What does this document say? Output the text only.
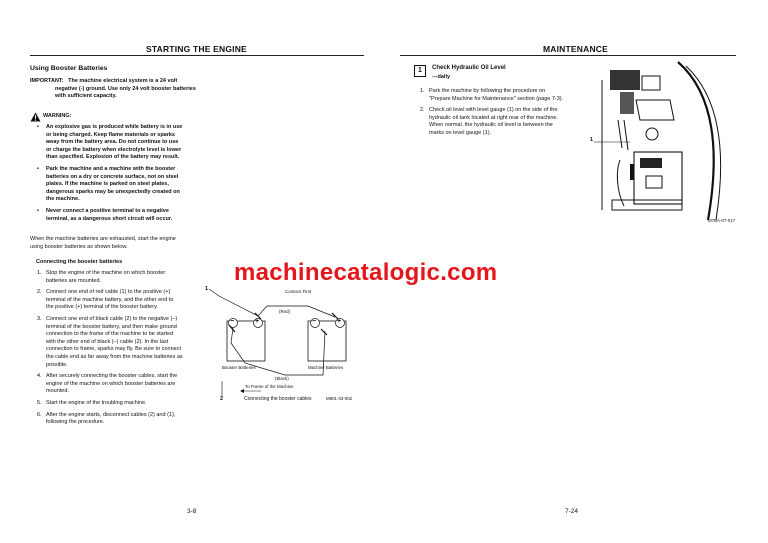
STARTING THE ENGINE
Using Booster Batteries
IMPORTANT: The machine electrical system is a 24 volt
negative (-) ground. Use only 24 volt booster batteries
with sufficient capacity.
WARNING:
• An explosive gas is produced while battery is in use
or being charged. Keep flame materials or sparks
away from the battery area. Do not continue to use
or charge the battery when electrolyte level is lower
than specified. Explosion of the battery may result.
• Park the machine and a machine with the booster
batteries on a dry or concrete surface, not on steel
plates. If the machine is parked on steel plates,
dangerous sparks may be unexpectedly created on
the machine.
• Never connect a positive terminal to a negative
terminal, as a dangerous short circuit will occur.
When the machine batteries are exhausted, start the engine
using booster batteries as shown below.
Connecting the booster batteries
1. Stop the engine of the machine on which booster
batteries are mounted.
2. Connect one end of red cable (1) to the positive (+)
terminal of the machine battery, and the other end to
the positive (+) terminal of the booster battery.
3. Connect one end of black cable (2) to the negative (–)
terminal of the booster battery, and then make ground
connection to the frame of the machine to be started
with the other end of black (–) cable (2). In the last
connection to frame, sparks may fly. Be sure to connect
the cable end as far away from the machine batteries as
possible.
4. After securely connecting the booster cables, start the
engine of the machine on which booster batteries are
mounted.
5. Start the engine of the troubling machine.
6. After the engine starts, disconnect cables (2) and (1),
following the procedure.
3-8
1	Connect First
(Red)
−	+	−	+
Booster Batteries	Machine Batteries
(Black)
To Frame of the Machine
2	Connecting the booster cables	M801-03-002
machinecatalogic.com
MAINTENANCE
1	Check Hydraulic Oil Level
---daily
1. Park the machine by following the procedure on
"Prepare Machine for Maintenance" section (page 7-3).
2. Check oil level with level gauge (1) on the side of the
hydraulic oil tank located at right rear of the machine.
When normal, the hydraulic oil level is between the
marks on level gauge (1).
1
M7BA-07-017
7-24
